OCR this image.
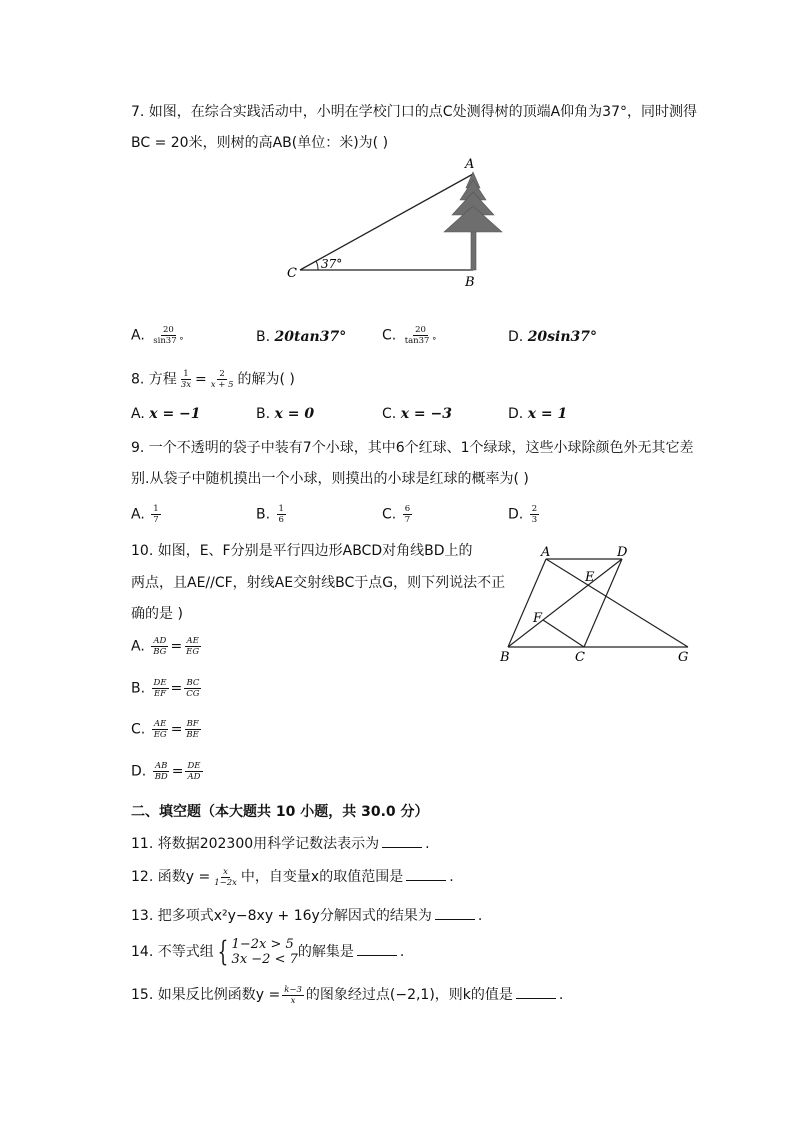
7. 如图，在综合实践活动中，小明在学校门口的点C处测得树的顶端A仰角为37°，同时测得
BC = 20米，则树的高AB(单位：米)为( )
A
B
C
37°
A. $\frac{20}{\sin 37 ^\circ}$	B. 20tan37°	C. $\frac{20}{\tan 37 ^\circ}$	D. 20sin37°
8. 方程 $\frac{1}{3x} = \frac{2}{x + 5}$ 的解为( )
A. x = −1	B. x = 0	C. x = −3	D. x = 1
9. 一个不透明的袋子中装有7个小球，其中6个红球、1个绿球，这些小球除颜色外无其它差
别.从袋子中随机摸出一个小球，则摸出的小球是红球的概率为( )
A. $\frac{1}{7}$	B. $\frac{1}{6}$	C. $\frac{6}{7}$	D. $\frac{2}{3}$
10. 如图，E、F分别是平行四边形ABCD对角线BD上的
两点，且AE//CF，射线AE交射线BC于点G，则下列说法不正
确的是 )
A	D
E
F
B	C	G
A. $\frac{AD}{BG} = \frac{AE}{EG}$
B. $\frac{DE}{EF} = \frac{BC}{CG}$
C. $\frac{AE}{EG} = \frac{BF}{BE}$
D. $\frac{AB}{BD} = \frac{DE}{AD}$
二、填空题（本大题共 10 小题，共 30.0 分）
11. 将数据202300用科学记数法表示为	.
12. 函数$y = \frac{x}{1-2x}$ 中，自变量x的取值范围是	.
13. 把多项式x²y−8xy + 16y分解因式的结果为	.
14. 不等式组 { 1−2x > 5
3x −2 < 7 的解集是	.
15. 如果反比例函数$y = \frac{k-3}{x}$ 的图象经过点(−2,1)，则k的值是	.
